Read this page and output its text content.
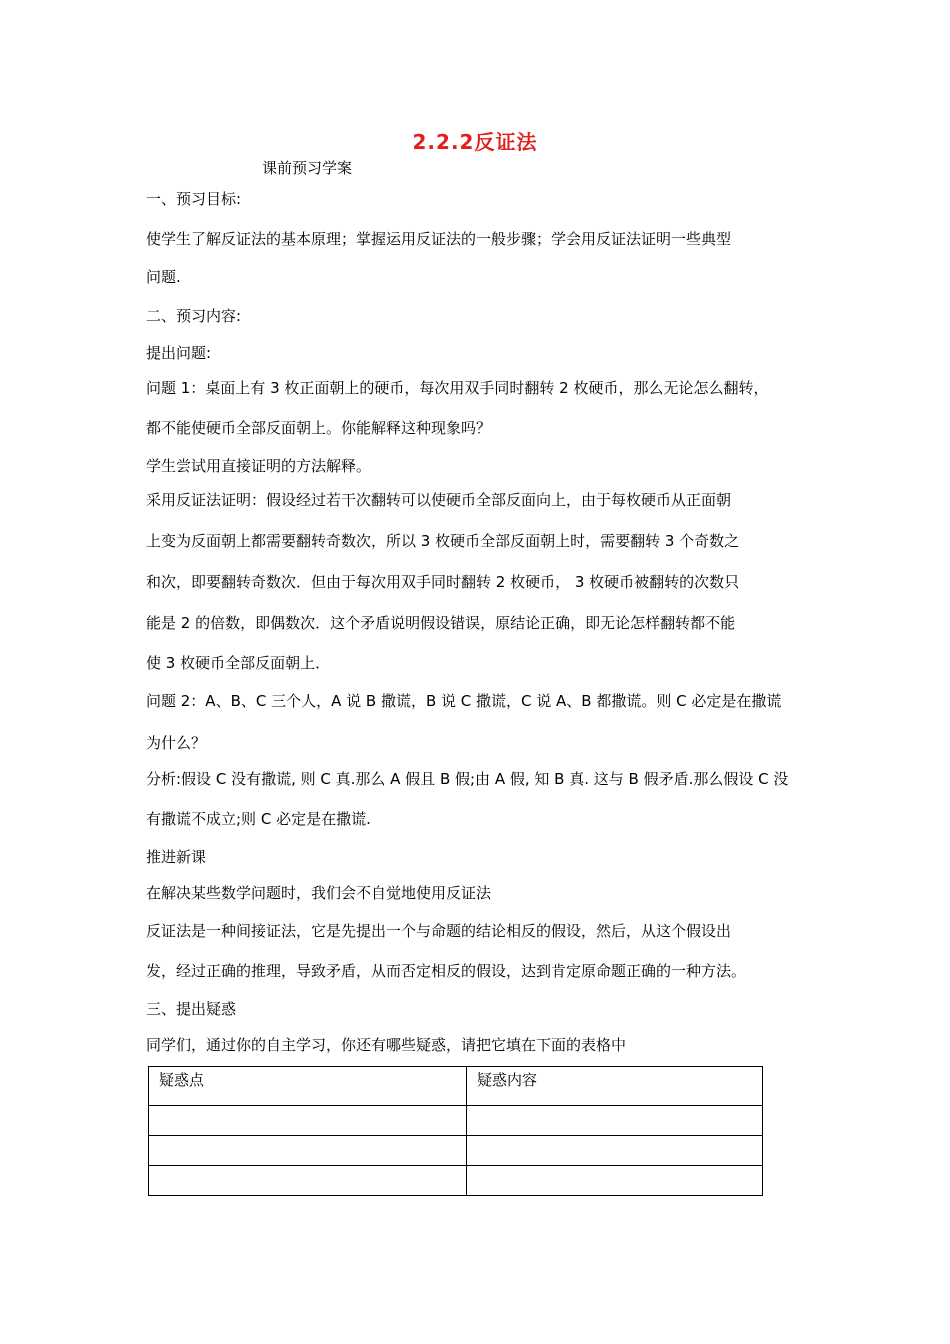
2.2.2反证法
课前预习学案
一、预习目标:
使学生了解反证法的基本原理；掌握运用反证法的一般步骤；学会用反证法证明一些典型
问题.
二、预习内容:
提出问题:
问题 1：桌面上有 3 枚正面朝上的硬币，每次用双手同时翻转 2 枚硬币，那么无论怎么翻转，
都不能使硬币全部反面朝上。你能解释这种现象吗？
学生尝试用直接证明的方法解释。
采用反证法证明：假设经过若干次翻转可以使硬币全部反面向上，由于每枚硬币从正面朝
上变为反面朝上都需要翻转奇数次，所以 3 枚硬币全部反面朝上时，需要翻转 3 个奇数之
和次，即要翻转奇数次．但由于每次用双手同时翻转 2 枚硬币， 3 枚硬币被翻转的次数只
能是 2 的倍数，即偶数次．这个矛盾说明假设错误，原结论正确，即无论怎样翻转都不能
使 3 枚硬币全部反面朝上．
问题 2：A、B、C 三个人，A 说 B 撒谎，B 说 C 撒谎，C 说 A、B 都撒谎。则 C 必定是在撒谎
为什么？
分析:假设 C 没有撒谎, 则 C 真.那么 A 假且 B 假;由 A 假, 知 B 真. 这与 B 假矛盾.那么假设 C 没
有撒谎不成立;则 C 必定是在撒谎.
推进新课
在解决某些数学问题时，我们会不自觉地使用反证法
反证法是一种间接证法，它是先提出一个与命题的结论相反的假设，然后，从这个假设出
发，经过正确的推理，导致矛盾，从而否定相反的假设，达到肯定原命题正确的一种方法。
三、提出疑惑
同学们，通过你的自主学习，你还有哪些疑惑，请把它填在下面的表格中
疑惑点	疑惑内容
